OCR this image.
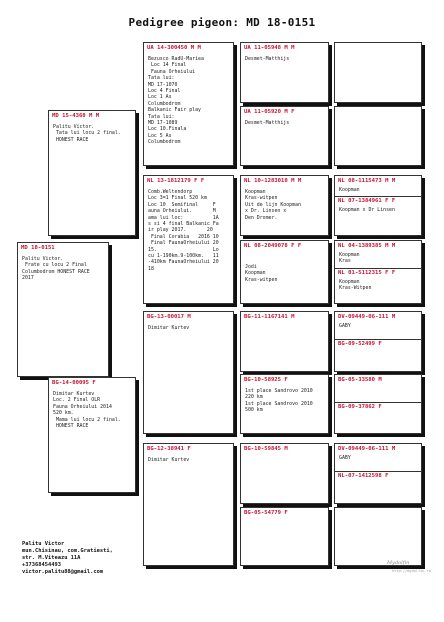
Pedigree pigeon: MD 18-0151
MD 18-0151
Palitu Victor.
Frate cu locu 2 Final
Columbodrom HONEST RACE
2017
MD 15-4360 M M
Palitu Victor.
Tata lui locu 2 final.
HONEST RACE
BG-14-00095 F
Dimitar Kurtev
Loc. 2 Final OLR
Fauna Orheiului 2014
520 km.
Mama lui locu 2 final.
HONEST RACE
UA 14-300450 M M
Bezusco RadU-Mariea
Loc 14 Final
Fauna Orheiului
Tata lui:
MD 17-1070
Loc 4 Final
Loc 1 As
Columbodrom
Balkanic Fair play
Tata lui:
MD 17-1089
Loc 10.Finala
Loc 5 As
Columbodrom
NL 13-1812179 F F
Comb.Weltendorp
Loc 3=1 Final 520 km
Loc 10  Semifinal     F
auna Orheiului.       M
ama lui loc:          1A
s si 4 final Balkanic Fa
ir play 2017.       20
Final Corabia   2016 10
Final FaunaOrheiului 20
15.                   Lo
cu 1-190km.9-100km.   11
-410km FaunaOrheiului 20
18
BG-13-00017 M
Dimitar Kurtev
BG-12-38941 F
Dimitar Kurtev
UA 11-05948 M M
Desmet-Matthijs
UA 11-05920 M F
Desmet-Matthijs
NL 10-1283010 M M
Koopman
Kras-witpen
Uit de lijn Koopman
x Dr. Linsen x
Den Dromer.
NL 08-2049078 F F
Jodi
Koopman
Kras-witpen
BG-11-1167141 M
BG-10-58925 F
1st place Sandrovo 2010
220 km
1st place Sandrovo 2010
500 km
BG-10-59845 M
BG-05-54779 F
NL 08-1115473 M M
Koopman
NL 07-1384961 F F
Koopman x Dr Linsen
NL 04-1389385 M M
Koopman
Kras
NL 01-5112315 F F
Koopman
Kras-Witpen
DV-09449-06-111 M
GABY
BG-09-52499 F
BG-05-33580 M
BG-09-37862 F
DV-09449-06-111 M
GABY
NL-07-1412598 F
Palitu Victor
mun.Chisinau, com.Gratiesti,
str. M.Viteazu 11A
+37368454493
victor.palitu88@gmail.com
Mydolfin
http://mydolfin.ro
